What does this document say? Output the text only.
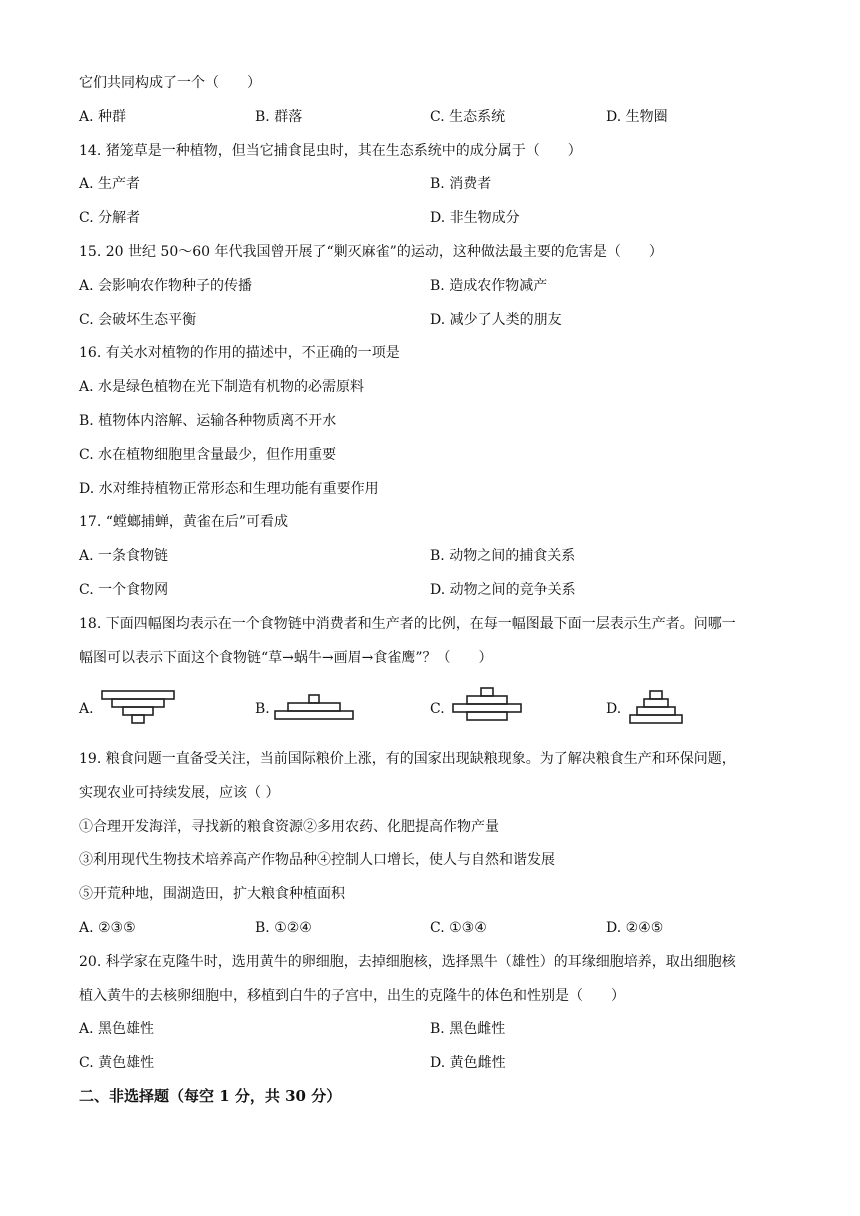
它们共同构成了一个（　　）
A. 种群	B. 群落	C. 生态系统	D. 生物圈
14. 猪笼草是一种植物，但当它捕食昆虫时，其在生态系统中的成分属于（　　）
A. 生产者	B. 消费者
C. 分解者	D. 非生物成分
15. 20 世纪 50～60 年代我国曾开展了“剿灭麻雀”的运动，这种做法最主要的危害是（　　）
A. 会影响农作物种子的传播	B. 造成农作物减产
C. 会破坏生态平衡	D. 减少了人类的朋友
16. 有关水对植物的作用的描述中，不正确的一项是
A. 水是绿色植物在光下制造有机物的必需原料
B. 植物体内溶解、运输各种物质离不开水
C. 水在植物细胞里含量最少，但作用重要
D. 水对维持植物正常形态和生理功能有重要作用
17. “螳螂捕蝉，黄雀在后”可看成
A. 一条食物链	B. 动物之间的捕食关系
C. 一个食物网	D. 动物之间的竞争关系
18. 下面四幅图均表示在一个食物链中消费者和生产者的比例，在每一幅图最下面一层表示生产者。问哪一
幅图可以表示下面这个食物链“草→蜗牛→画眉→食雀鹰”？（　　）
A.	B.	C.	D.
19. 粮食问题一直备受关注，当前国际粮价上涨，有的国家出现缺粮现象。为了解决粮食生产和环保问题，
实现农业可持续发展，应该（ ）
①合理开发海洋，寻找新的粮食资源②多用农药、化肥提高作物产量
③利用现代生物技术培养高产作物品种④控制人口增长，使人与自然和谐发展
⑤开荒种地，围湖造田，扩大粮食种植面积
A. ②③⑤	B. ①②④	C. ①③④	D. ②④⑤
20. 科学家在克隆牛时，选用黄牛的卵细胞，去掉细胞核，选择黑牛（雄性）的耳缘细胞培养，取出细胞核
植入黄牛的去核卵细胞中，移植到白牛的子宫中，出生的克隆牛的体色和性别是（　　）
A. 黑色雄性	B. 黑色雌性
C. 黄色雄性	D. 黄色雌性
二、非选择题（每空 1 分，共 30 分）
